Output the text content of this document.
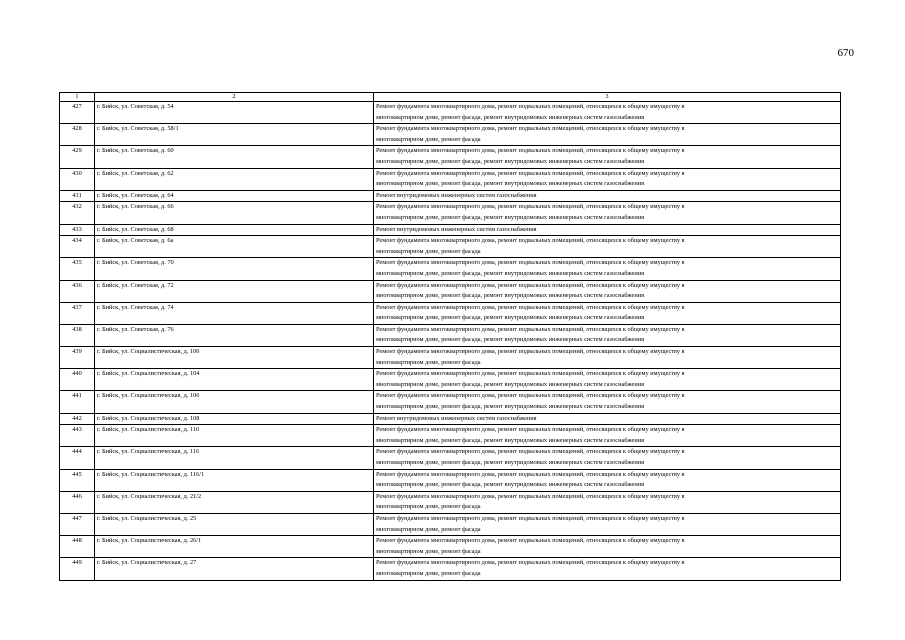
670
1	2	3
427	г. Бийск, ул. Советская, д. 54	Ремонт фундамента многоквартирного дома, ремонт подвальных помещений, относящихся к общему имуществу в
многоквартирном доме, ремонт фасада, ремонт внутридомовых инженерных систем газоснабжения
428	г. Бийск, ул. Советская, д. 58/1	Ремонт фундамента многоквартирного дома, ремонт подвальных помещений, относящихся к общему имуществу в
многоквартирном доме, ремонт фасада
429	г. Бийск, ул. Советская, д. 60	Ремонт фундамента многоквартирного дома, ремонт подвальных помещений, относящихся к общему имуществу в
многоквартирном доме, ремонт фасада, ремонт внутридомовых инженерных систем газоснабжения
430	г. Бийск, ул. Советская, д. 62	Ремонт фундамента многоквартирного дома, ремонт подвальных помещений, относящихся к общему имуществу в
многоквартирном доме, ремонт фасада, ремонт внутридомовых инженерных систем газоснабжения
431	г. Бийск, ул. Советская, д. 64	Ремонт внутридомовых инженерных систем газоснабжения
432	г. Бийск, ул. Советская, д. 66	Ремонт фундамента многоквартирного дома, ремонт подвальных помещений, относящихся к общему имуществу в
многоквартирном доме, ремонт фасада, ремонт внутридомовых инженерных систем газоснабжения
433	г. Бийск, ул. Советская, д. 68	Ремонт внутридомовых инженерных систем газоснабжения
434	г. Бийск, ул. Советская, д. 6а	Ремонт фундамента многоквартирного дома, ремонт подвальных помещений, относящихся к общему имуществу в
многоквартирном доме, ремонт фасада
435	г. Бийск, ул. Советская, д. 70	Ремонт фундамента многоквартирного дома, ремонт подвальных помещений, относящихся к общему имуществу в
многоквартирном доме, ремонт фасада, ремонт внутридомовых инженерных систем газоснабжения
436	г. Бийск, ул. Советская, д. 72	Ремонт фундамента многоквартирного дома, ремонт подвальных помещений, относящихся к общему имуществу в
многоквартирном доме, ремонт фасада, ремонт внутридомовых инженерных систем газоснабжения
437	г. Бийск, ул. Советская, д. 74	Ремонт фундамента многоквартирного дома, ремонт подвальных помещений, относящихся к общему имуществу в
многоквартирном доме, ремонт фасада, ремонт внутридомовых инженерных систем газоснабжения
438	г. Бийск, ул. Советская, д. 76	Ремонт фундамента многоквартирного дома, ремонт подвальных помещений, относящихся к общему имуществу в
многоквартирном доме, ремонт фасада, ремонт внутридомовых инженерных систем газоснабжения
439	г. Бийск, ул. Социалистическая, д. 100	Ремонт фундамента многоквартирного дома, ремонт подвальных помещений, относящихся к общему имуществу в
многоквартирном доме, ремонт фасада
440	г. Бийск, ул. Социалистическая, д. 104	Ремонт фундамента многоквартирного дома, ремонт подвальных помещений, относящихся к общему имуществу в
многоквартирном доме, ремонт фасада, ремонт внутридомовых инженерных систем газоснабжения
441	г. Бийск, ул. Социалистическая, д. 106	Ремонт фундамента многоквартирного дома, ремонт подвальных помещений, относящихся к общему имуществу в
многоквартирном доме, ремонт фасада, ремонт внутридомовых инженерных систем газоснабжения
442	г. Бийск, ул. Социалистическая, д. 108	Ремонт внутридомовых инженерных систем газоснабжения
443	г. Бийск, ул. Социалистическая, д. 110	Ремонт фундамента многоквартирного дома, ремонт подвальных помещений, относящихся к общему имуществу в
многоквартирном доме, ремонт фасада, ремонт внутридомовых инженерных систем газоснабжения
444	г. Бийск, ул. Социалистическая, д. 116	Ремонт фундамента многоквартирного дома, ремонт подвальных помещений, относящихся к общему имуществу в
многоквартирном доме, ремонт фасада, ремонт внутридомовых инженерных систем газоснабжения
445	г. Бийск, ул. Социалистическая, д. 116/1	Ремонт фундамента многоквартирного дома, ремонт подвальных помещений, относящихся к общему имуществу в
многоквартирном доме, ремонт фасада, ремонт внутридомовых инженерных систем газоснабжения
446	г. Бийск, ул. Социалистическая, д. 21/2	Ремонт фундамента многоквартирного дома, ремонт подвальных помещений, относящихся к общему имуществу в
многоквартирном доме, ремонт фасада
447	г. Бийск, ул. Социалистическая, д. 25	Ремонт фундамента многоквартирного дома, ремонт подвальных помещений, относящихся к общему имуществу в
многоквартирном доме, ремонт фасада
448	г. Бийск, ул. Социалистическая, д. 26/1	Ремонт фундамента многоквартирного дома, ремонт подвальных помещений, относящихся к общему имуществу в
многоквартирном доме, ремонт фасада
449	г. Бийск, ул. Социалистическая, д. 27	Ремонт фундамента многоквартирного дома, ремонт подвальных помещений, относящихся к общему имуществу в
многоквартирном доме, ремонт фасада
